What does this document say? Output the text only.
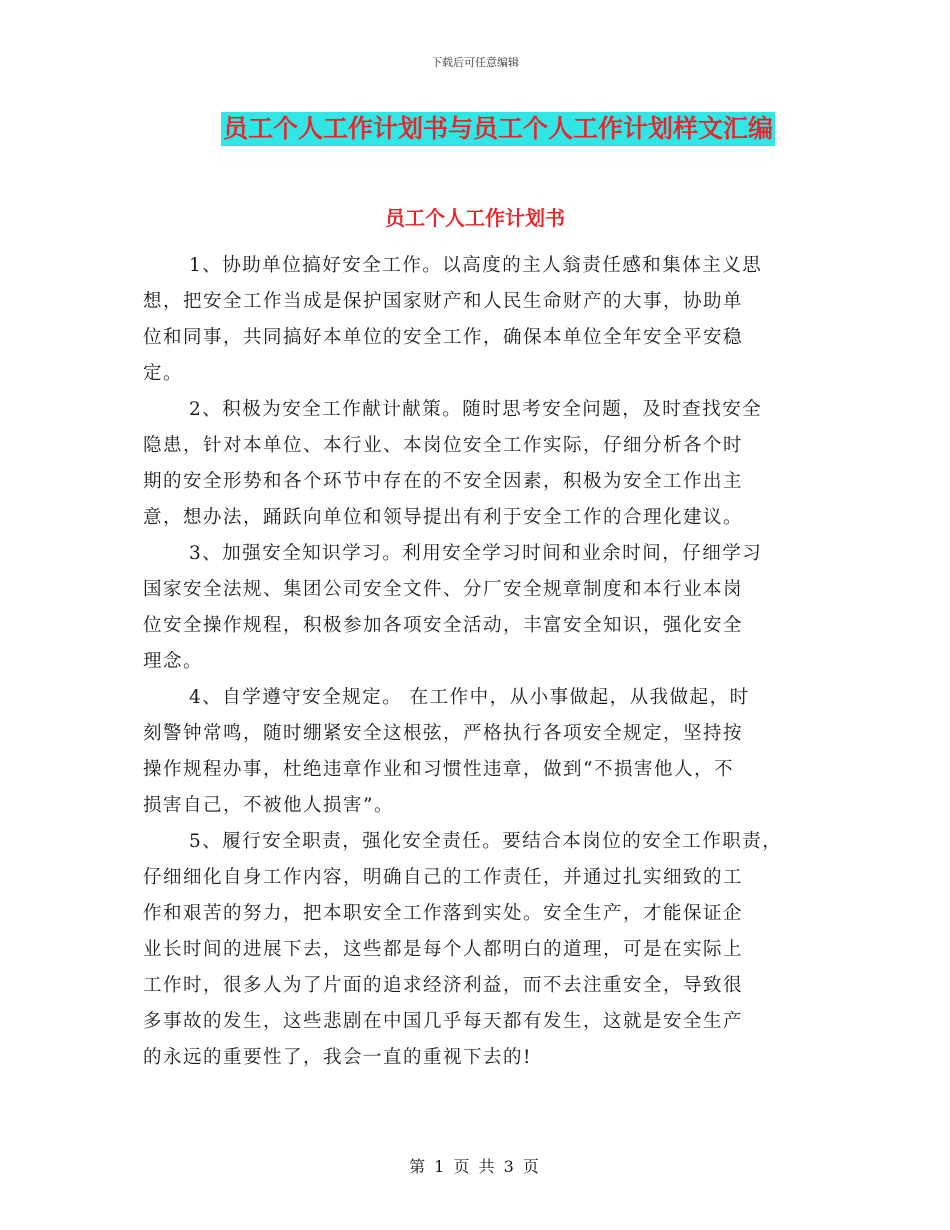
下载后可任意编辑
员工个人工作计划书与员工个人工作计划样文汇编
员工个人工作计划书
1、协助单位搞好安全工作。以高度的主人翁责任感和集体主义思
想，把安全工作当成是保护国家财产和人民生命财产的大事，协助单
位和同事，共同搞好本单位的安全工作，确保本单位全年安全平安稳
定。
2、积极为安全工作献计献策。随时思考安全问题，及时查找安全
隐患，针对本单位、本行业、本岗位安全工作实际，仔细分析各个时
期的安全形势和各个环节中存在的不安全因素，积极为安全工作出主
意，想办法，踊跃向单位和领导提出有利于安全工作的合理化建议。
3、加强安全知识学习。利用安全学习时间和业余时间，仔细学习
国家安全法规、集团公司安全文件、分厂安全规章制度和本行业本岗
位安全操作规程，积极参加各项安全活动，丰富安全知识，强化安全
理念。
4、自学遵守安全规定。 在工作中，从小事做起，从我做起，时
刻警钟常鸣，随时绷紧安全这根弦，严格执行各项安全规定，坚持按
操作规程办事，杜绝违章作业和习惯性违章，做到“不损害他人，不
损害自己，不被他人损害”。
5、履行安全职责，强化安全责任。要结合本岗位的安全工作职责，
仔细细化自身工作内容，明确自己的工作责任，并通过扎实细致的工
作和艰苦的努力，把本职安全工作落到实处。安全生产，才能保证企
业长时间的进展下去，这些都是每个人都明白的道理，可是在实际上
工作时，很多人为了片面的追求经济利益，而不去注重安全，导致很
多事故的发生，这些悲剧在中国几乎每天都有发生，这就是安全生产
的永远的重要性了，我会一直的重视下去的!
第 1 页 共 3 页
